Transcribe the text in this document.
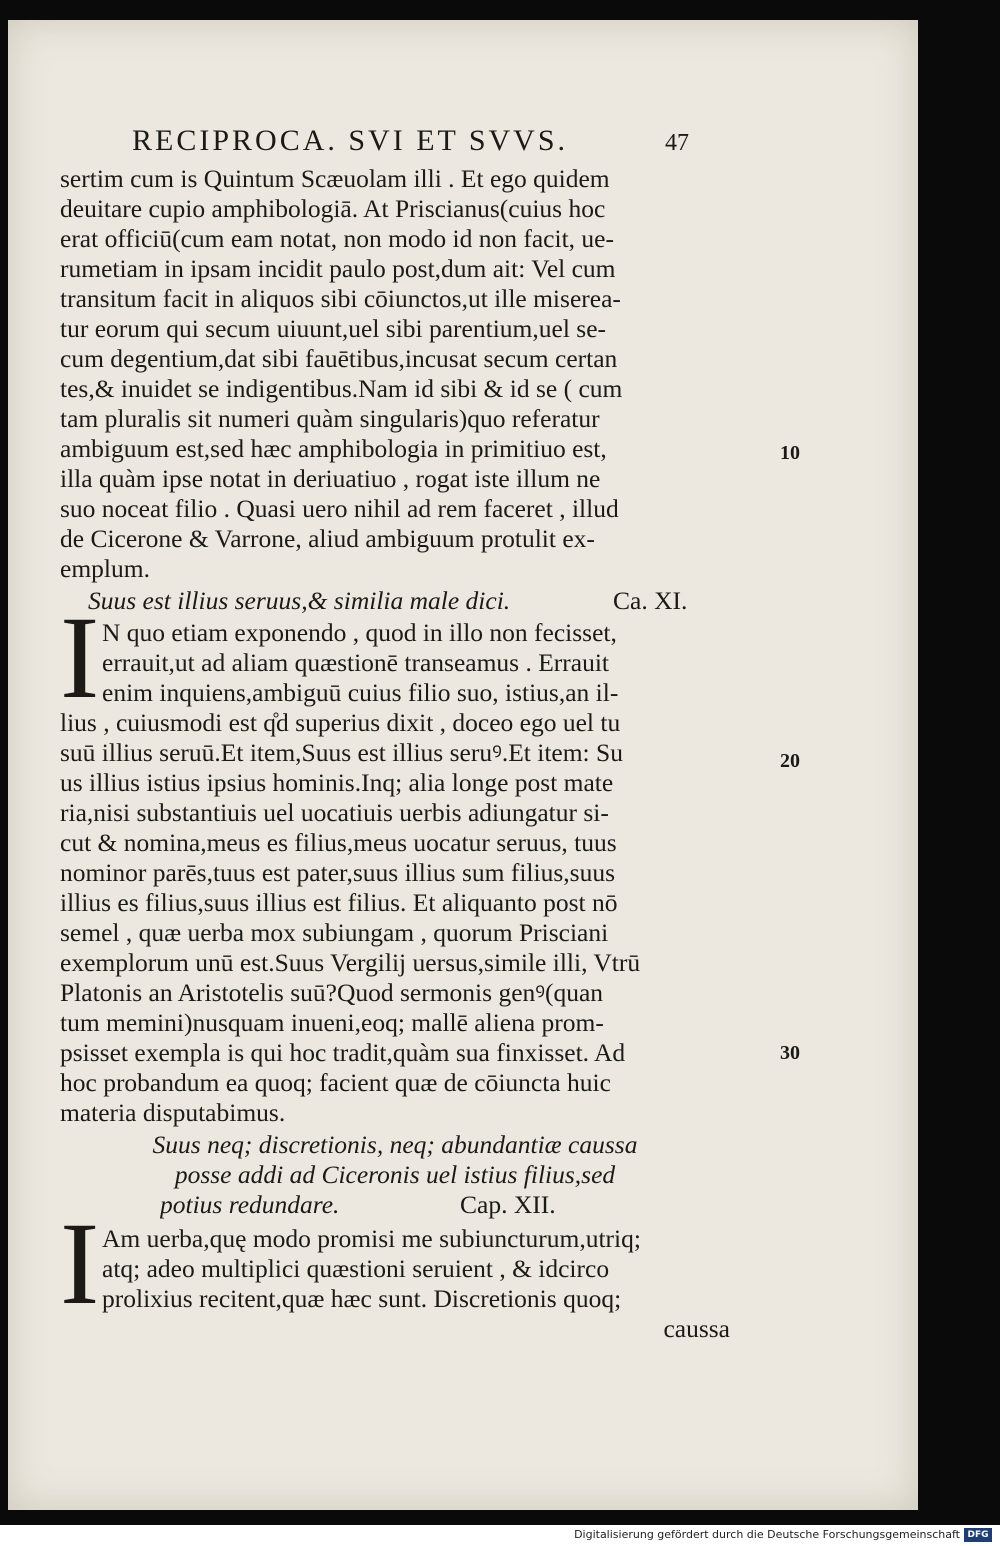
RECIPROCA. SVI ET SVVS.	47
sertim cum is Quintum Scæuolam illi . Et ego quidem
deuitare cupio amphibologiā. At Priscianus(cuius hoc
erat officiū(cum eam notat, non modo id non facit, ue-
rumetiam in ipsam incidit paulo post,dum ait: Vel cum
transitum facit in aliquos sibi cōiunctos,ut ille miserea-
tur eorum qui secum uiuunt,uel sibi parentium,uel se-
cum degentium,dat sibi fauētibus,incusat secum certan
tes,& inuidet se indigentibus.Nam id sibi & id se ( cum
tam pluralis sit numeri quàm singularis)quo referatur
ambiguum est,sed hæc amphibologia in primitiuo est,
illa quàm ipse notat in deriuatiuo , rogat iste illum ne
suo noceat filio . Quasi uero nihil ad rem faceret , illud
de Cicerone & Varrone, aliud ambiguum protulit ex-
emplum.
Suus est illius seruus,& similia male dici.	Ca. XI.
I N quo etiam exponendo , quod in illo non fecisset,
errauit,ut ad aliam quæstionē transeamus . Errauit
enim inquiens,ambiguū cuius filio suo, istius,an il-
lius , cuiusmodi est q̊d superius dixit , doceo ego uel tu
suū illius seruū.Et item,Suus est illius seruꝰ.Et item: Su
us illius istius ipsius hominis.Inq; alia longe post mate
ria,nisi substantiuis uel uocatiuis uerbis adiungatur si-
cut & nomina,meus es filius,meus uocatur seruus, tuus
nominor parēs,tuus est pater,suus illius sum filius,suus
illius es filius,suus illius est filius. Et aliquanto post nō
semel , quæ uerba mox subiungam , quorum Prisciani
exemplorum unū est.Suus Vergilij uersus,simile illi, Vtrū
Platonis an Aristotelis suū?Quod sermonis genꝰ(quan
tum memini)nusquam inueni,eoq; mallē aliena prom-
psisset exempla is qui hoc tradit,quàm sua finxisset. Ad
hoc probandum ea quoq; facient quæ de cōiuncta huic
materia disputabimus.
Suus neq; discretionis, neq; abundantiæ caussa
posse addi ad Ciceronis uel istius filius,sed
potius redundare.	Cap. XII.
I Am uerba,quę modo promisi me subiuncturum,utriq;
atq; adeo multiplici quæstioni seruient , & idcirco
prolixius recitent,quæ hæc sunt. Discretionis quoq;
caussa
10
20
30
Digitalisierung gefördert durch die Deutsche Forschungsgemeinschaft DFG
